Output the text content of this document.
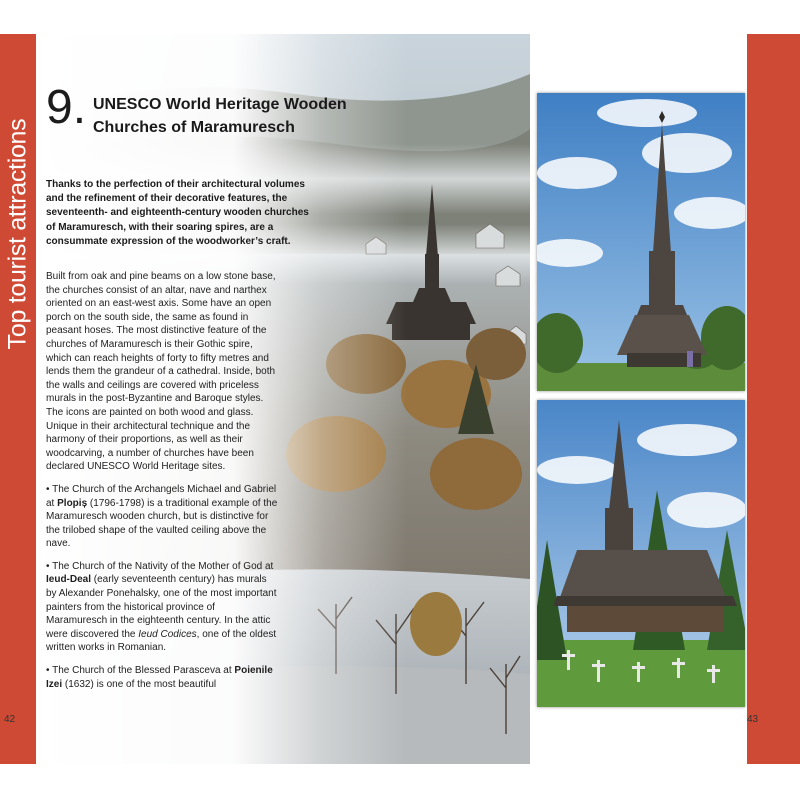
Top tourist attractions
9. UNESCO World Heritage Wooden
Churches of Maramuresch
Thanks to the perfection of their architectural volumes and the refinement of their decorative features, the seventeenth- and eighteenth-century wooden churches of Maramuresch, with their soaring spires, are a consummate expression of the woodworker’s craft.

Built from oak and pine beams on a low stone base, the churches consist of an altar, nave and narthex oriented on an east-west axis. Some have an open porch on the south side, the same as found in peasant hoses. The most distinctive feature of the churches of Maramuresch is their Gothic spire, which can reach heights of forty to fifty metres and lends them the grandeur of a cathedral. Inside, both the walls and ceilings are covered with priceless murals in the post-Byzantine and Baroque styles. The icons are painted on both wood and glass. Unique in their architectural technique and the harmony of their proportions, as well as their woodcarving, a number of churches have been declared UNESCO World Heritage sites.

• The Church of the Archangels Michael and Gabriel at Plopiș (1796-1798) is a traditional example of the Maramuresch wooden church, but is distinctive for the trilobed shape of the vaulted ceiling above the nave.

• The Church of the Nativity of the Mother of God at Ieud-Deal (early seventeenth century) has murals by Alexander Ponehalsky, one of the most important painters from the historical province of Maramuresch in the eighteenth century. In the attic were discovered the Ieud Codices, one of the oldest written works in Romanian.

• The Church of the Blessed Parasceva at Poienile Izei (1632) is one of the most beautiful

42	43
